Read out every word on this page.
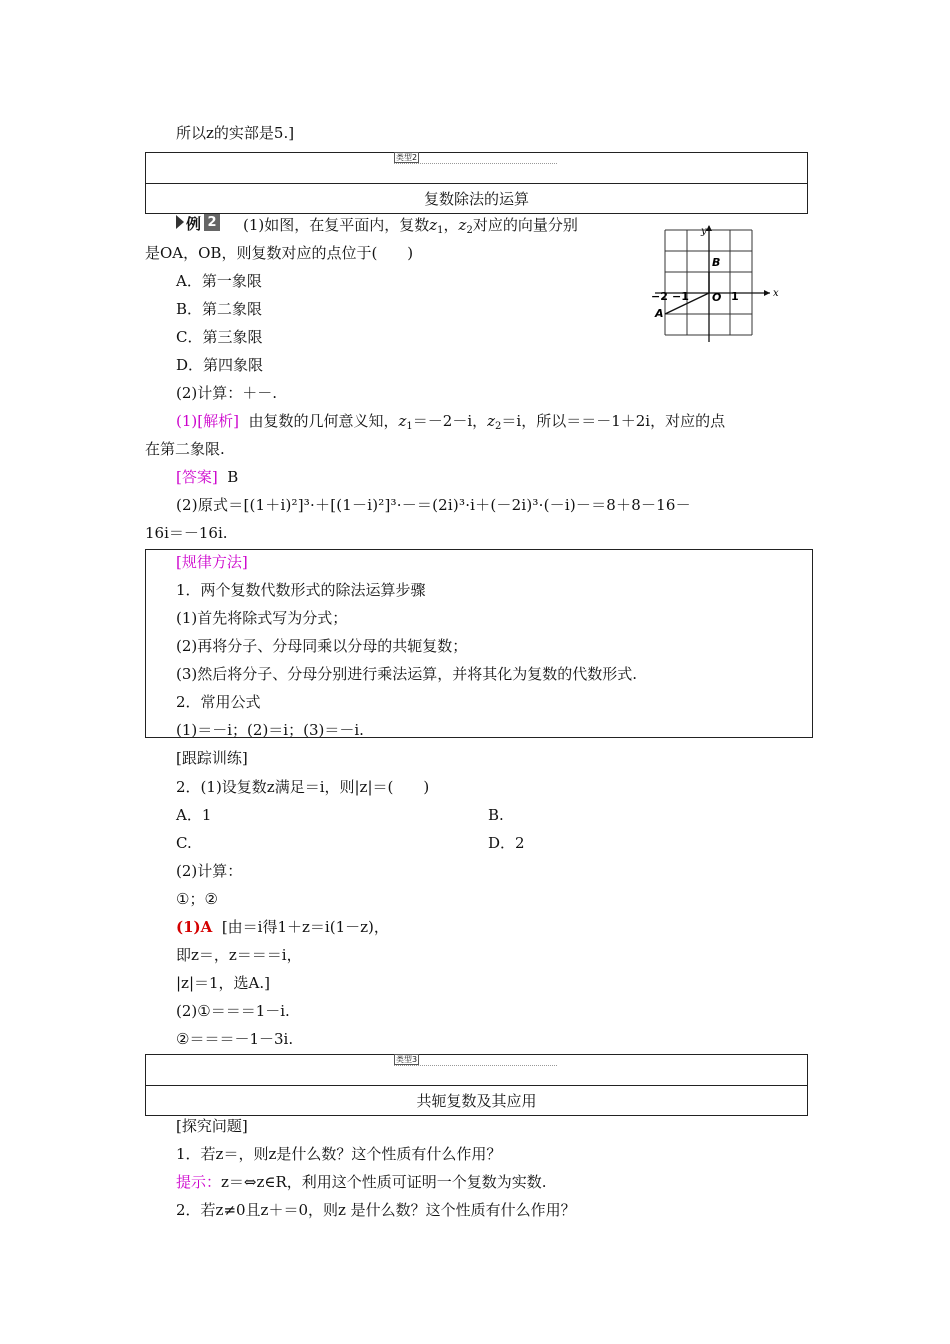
所以z的实部是5.]
类型2
复数除法的运算
例 2 (1)如图，在复平面内，复数$z_1$，$z_2$对应的向量分别
是OA，OB，则复数对应的点位于(　　)
A．第一象限
B．第二象限
C．第三象限
D．第四象限
(2)计算：＋－.
x
y
−2 −1 O 1
A
B
(1)[解析] 由复数的几何意义知，$z_1=-2-i$，$z_2=i$，所以＝＝－1＋2i，对应的点
在第二象限.
[答案] B
(2)原式＝[(1＋i)²]³·＋[(1－i)²]³·－＝(2i)³·i＋(－2i)³·(－i)－＝8＋8－16－
16i＝－16i.
[规律方法]
1．两个复数代数形式的除法运算步骤
(1)首先将除式写为分式；
(2)再将分子、分母同乘以分母的共轭复数；
(3)然后将分子、分母分别进行乘法运算，并将其化为复数的代数形式.
2．常用公式
(1)＝－i；(2)＝i；(3)＝－i.
[跟踪训练]
2．(1)设复数z满足＝i，则|z|＝(　　)
A．1	B.
C.	D．2
(2)计算：
①；②
(1)A [由＝i得1＋z＝i(1－z)，
即z＝，z＝＝＝i，
|z|＝1，选A.]
(2)①＝＝＝1－i.
②＝＝＝－1－3i.
类型3
共轭复数及其应用
[探究问题]
1．若z＝，则z是什么数？这个性质有什么作用？
提示：z＝⇔z∈R，利用这个性质可证明一个复数为实数.
2．若z≠0且z＋＝0，则z 是什么数？这个性质有什么作用？
